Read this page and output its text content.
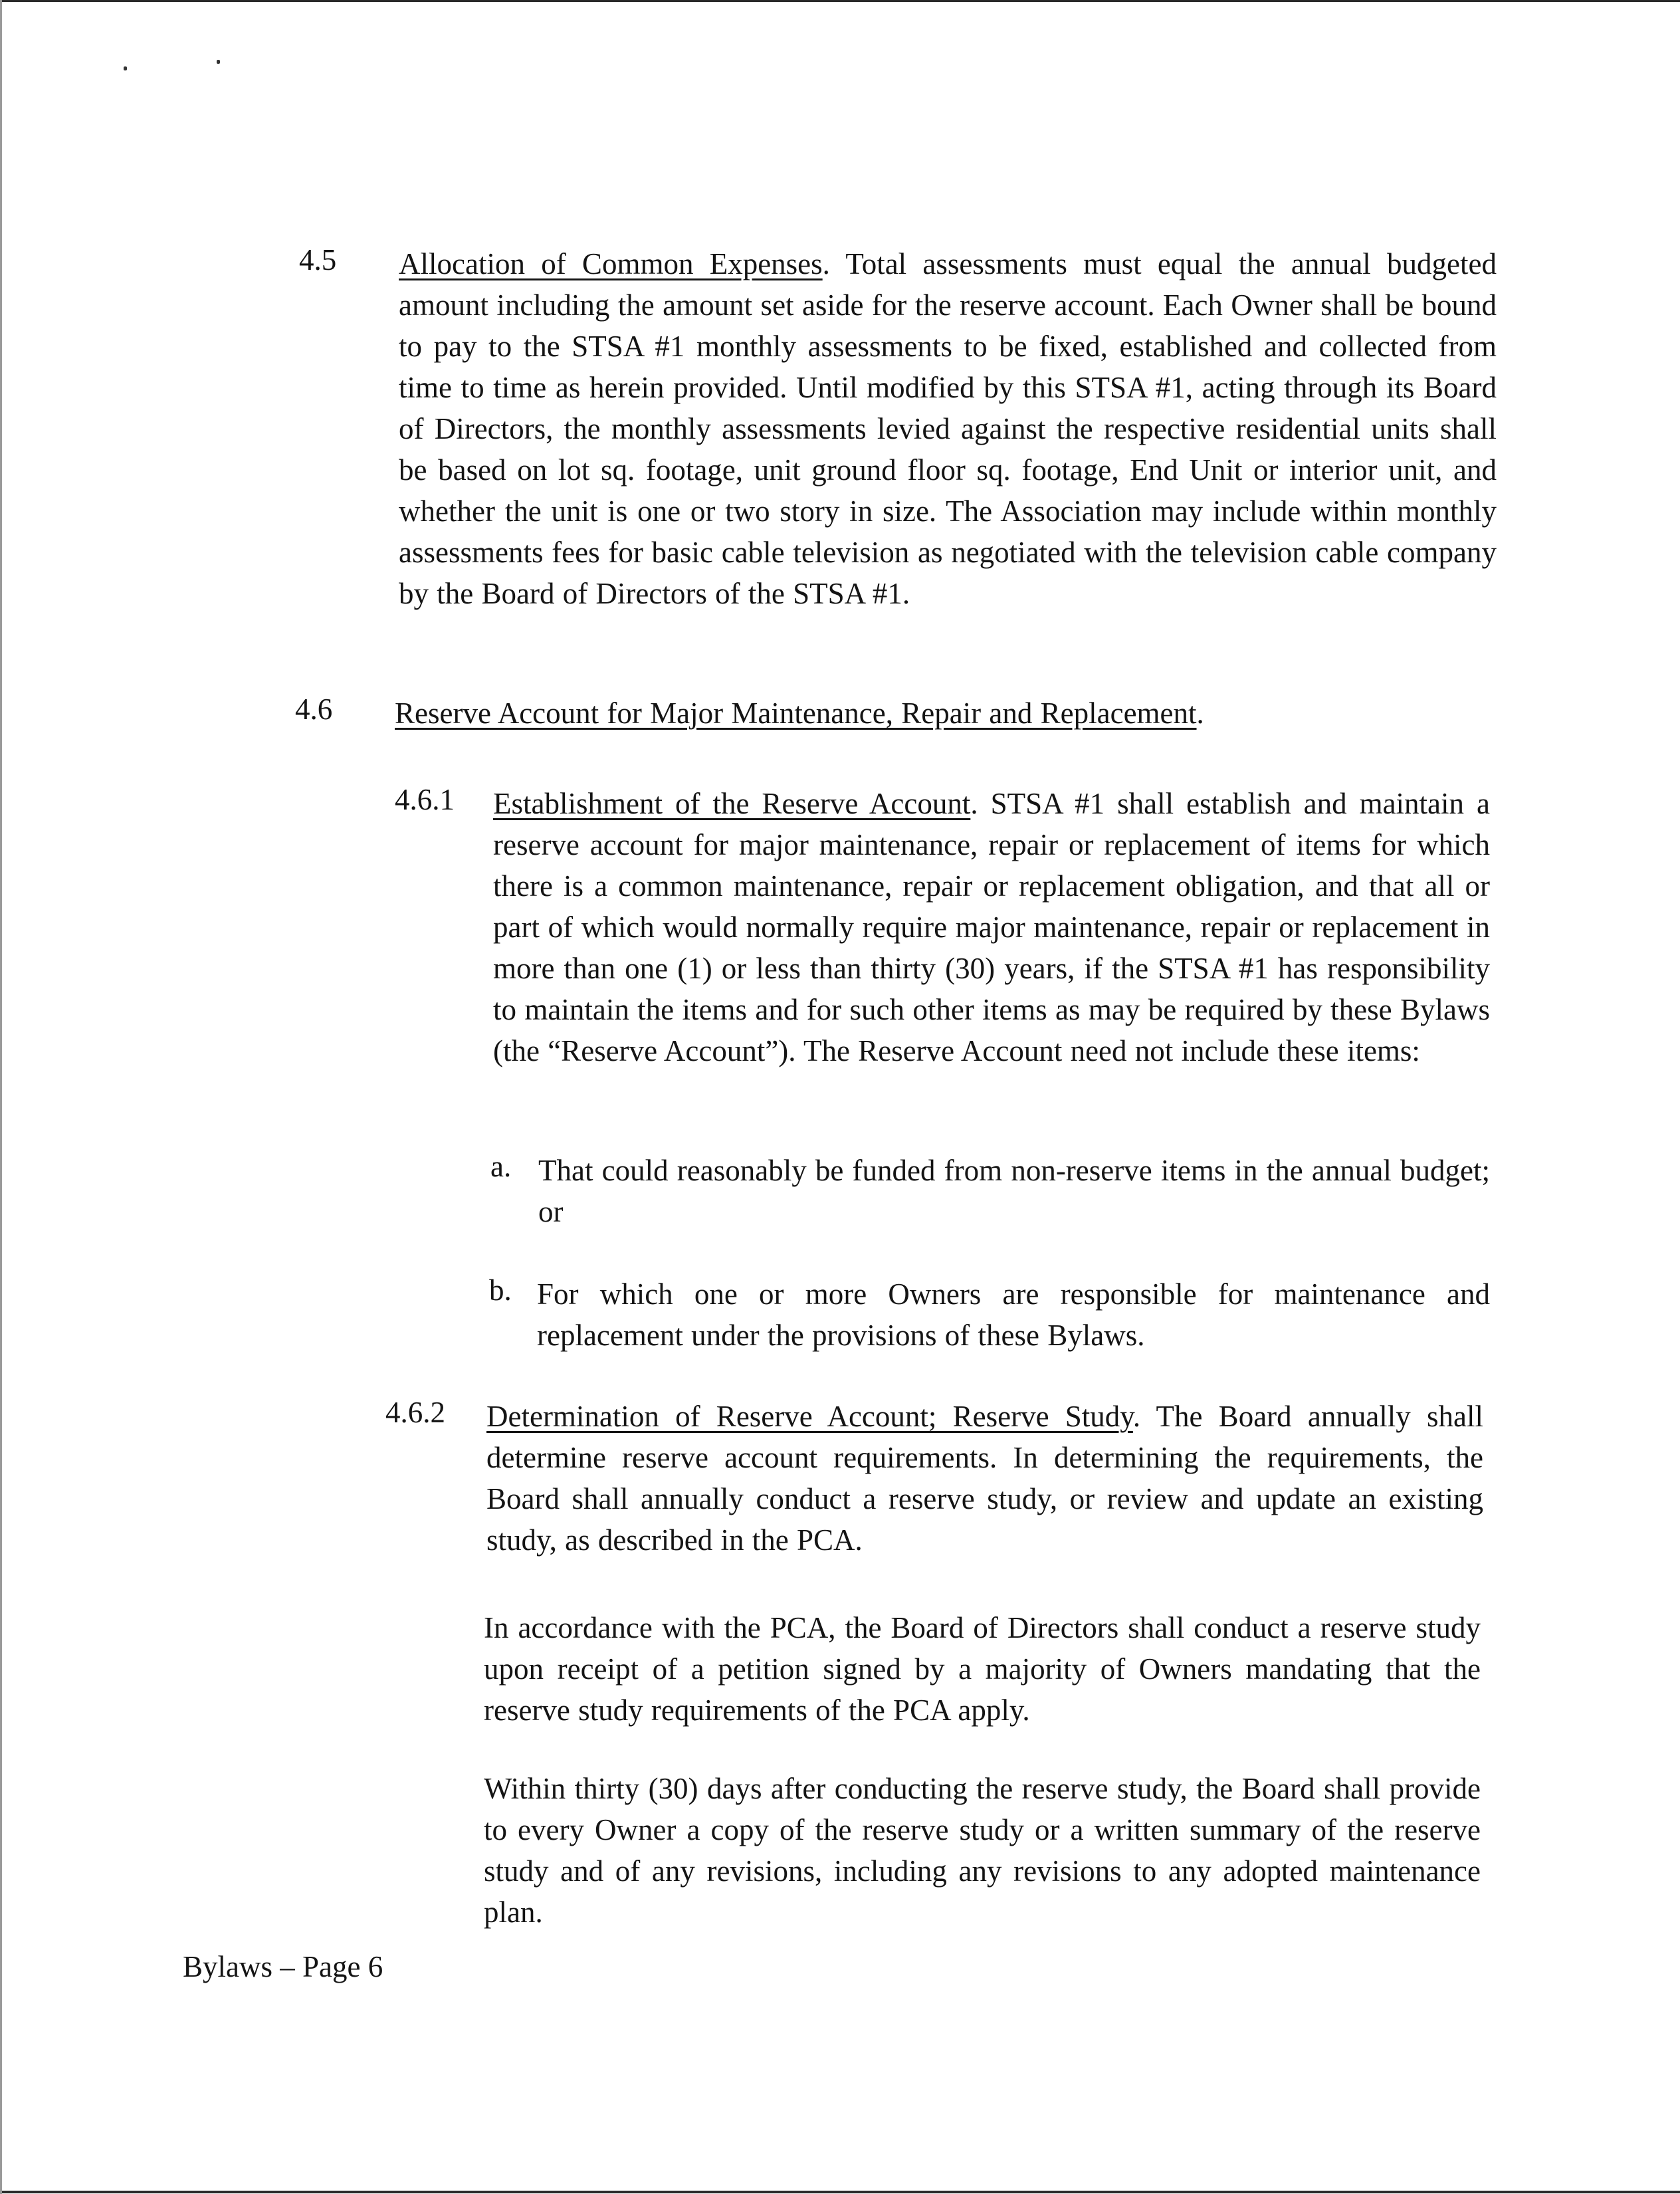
4.5 Allocation of Common Expenses. Total assessments must equal the annual budgeted amount including the amount set aside for the reserve account. Each Owner shall be bound to pay to the STSA #1 monthly assessments to be fixed, established and collected from time to time as herein provided. Until modified by this STSA #1, acting through its Board of Directors, the monthly assessments levied against the respective residential units shall be based on lot sq. footage, unit ground floor sq. footage, End Unit or interior unit, and whether the unit is one or two story in size. The Association may include within monthly assessments fees for basic cable television as negotiated with the television cable company by the Board of Directors of the STSA #1.
4.6 Reserve Account for Major Maintenance, Repair and Replacement.
4.6.1 Establishment of the Reserve Account. STSA #1 shall establish and maintain a reserve account for major maintenance, repair or replacement of items for which there is a common maintenance, repair or replacement obligation, and that all or part of which would normally require major maintenance, repair or replacement in more than one (1) or less than thirty (30) years, if the STSA #1 has responsibility to maintain the items and for such other items as may be required by these Bylaws (the “Reserve Account”). The Reserve Account need not include these items:
a. That could reasonably be funded from non-reserve items in the annual budget; or
b. For which one or more Owners are responsible for maintenance and replacement under the provisions of these Bylaws.
4.6.2 Determination of Reserve Account; Reserve Study. The Board annually shall determine reserve account requirements. In determining the requirements, the Board shall annually conduct a reserve study, or review and update an existing study, as described in the PCA.
In accordance with the PCA, the Board of Directors shall conduct a reserve study upon receipt of a petition signed by a majority of Owners mandating that the reserve study requirements of the PCA apply.
Within thirty (30) days after conducting the reserve study, the Board shall provide to every Owner a copy of the reserve study or a written summary of the reserve study and of any revisions, including any revisions to any adopted maintenance plan.
Bylaws – Page 6
